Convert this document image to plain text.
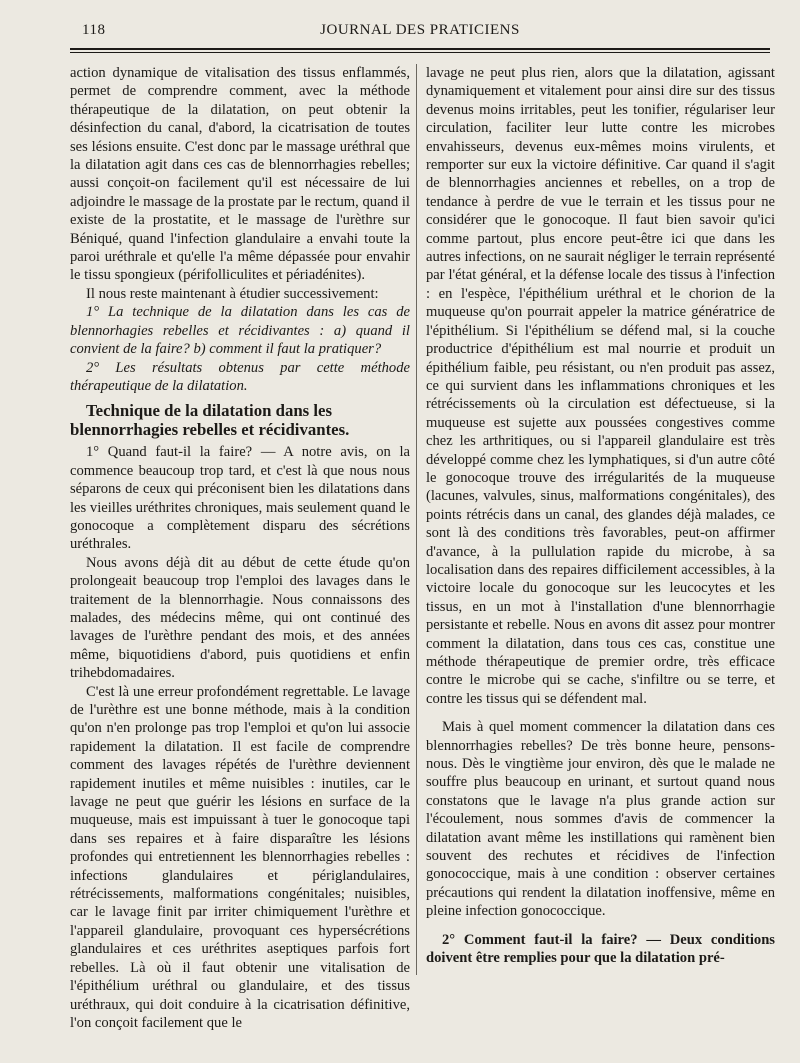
118	JOURNAL DES PRATICIENS

action dynamique de vitalisation des tissus enflammés, permet de comprendre comment, avec la méthode thérapeutique de la dilatation, on peut obtenir la désinfection du canal, d'abord, la cicatrisation de toutes ses lésions ensuite. C'est donc par le massage uréthral que la dilatation agit dans ces cas de blennorrhagies rebelles; aussi conçoit-on facilement qu'il est nécessaire de lui adjoindre le massage de la prostate par le rectum, quand il existe de la prostatite, et le massage de l'urèthre sur Béniqué, quand l'infection glandulaire a envahi toute la paroi uréthrale et qu'elle l'a même dépassée pour envahir le tissu spongieux (périfolliculites et périadénites).

Il nous reste maintenant à étudier successivement:

1° La technique de la dilatation dans les cas de blennorhagies rebelles et récidivantes : a) quand il convient de la faire? b) comment il faut la pratiquer?

2° Les résultats obtenus par cette méthode thérapeutique de la dilatation.

Technique de la dilatation dans les blennorrhagies rebelles et récidivantes.

1° Quand faut-il la faire? — A notre avis, on la commence beaucoup trop tard, et c'est là que nous nous séparons de ceux qui préconisent bien les dilatations dans les vieilles uréthrites chroniques, mais seulement quand le gonocoque a complètement disparu des sécrétions uréthrales.

Nous avons déjà dit au début de cette étude qu'on prolongeait beaucoup trop l'emploi des lavages dans le traitement de la blennorrhagie. Nous connaissons des malades, des médecins même, qui ont continué des lavages de l'urèthre pendant des mois, et des années même, biquotidiens d'abord, puis quotidiens et enfin trihebdomadaires.

C'est là une erreur profondément regrettable. Le lavage de l'urèthre est une bonne méthode, mais à la condition qu'on n'en prolonge pas trop l'emploi et qu'on lui associe rapidement la dilatation. Il est facile de comprendre comment des lavages répétés de l'urèthre deviennent rapidement inutiles et même nuisibles : inutiles, car le lavage ne peut que guérir les lésions en surface de la muqueuse, mais est impuissant à tuer le gonocoque tapi dans ses repaires et à faire disparaître les lésions profondes qui entretiennent les blennorrhagies rebelles : infections glandulaires et périglandulaires, rétrécissements, malformations congénitales; nuisibles, car le lavage finit par irriter chimiquement l'urèthre et l'appareil glandulaire, provoquant ces hypersécrétions glandulaires et ces uréthrites aseptiques parfois fort rebelles. Là où il faut obtenir une vitalisation de l'épithélium uréthral ou glandulaire, et des tissus uréthraux, qui doit conduire à la cicatrisation définitive, l'on conçoit facilement que le

lavage ne peut plus rien, alors que la dilatation, agissant dynamiquement et vitalement pour ainsi dire sur des tissus devenus moins irritables, peut les tonifier, régulariser leur circulation, faciliter leur lutte contre les microbes envahisseurs, devenus eux-mêmes moins virulents, et remporter sur eux la victoire définitive. Car quand il s'agit de blennorrhagies anciennes et rebelles, on a trop de tendance à perdre de vue le terrain et les tissus pour ne considérer que le gonocoque. Il faut bien savoir qu'ici comme partout, plus encore peut-être ici que dans les autres infections, on ne saurait négliger le terrain représenté par l'état général, et la défense locale des tissus à l'infection : en l'espèce, l'épithélium uréthral et le chorion de la muqueuse qu'on pourrait appeler la matrice génératrice de l'épithélium. Si l'épithélium se défend mal, si la couche productrice d'épithélium est mal nourrie et produit un épithélium faible, peu résistant, ou n'en produit pas assez, ce qui survient dans les inflammations chroniques et les rétrécissements où la circulation est défectueuse, si la muqueuse est sujette aux poussées congestives comme chez les arthritiques, ou si l'appareil glandulaire est très développé comme chez les lymphatiques, si d'un autre côté le gonocoque trouve des irrégularités de la muqueuse (lacunes, valvules, sinus, malformations congénitales), des points rétrécis dans un canal, des glandes déjà malades, ce sont là des conditions très favorables, peut-on affirmer d'avance, à la pullulation rapide du microbe, à sa localisation dans des repaires difficilement accessibles, à la victoire locale du gonocoque sur les leucocytes et les tissus, en un mot à l'installation d'une blennorrhagie persistante et rebelle. Nous en avons dit assez pour montrer comment la dilatation, dans tous ces cas, constitue une méthode thérapeutique de premier ordre, très efficace contre le microbe qui se cache, s'infiltre ou se terre, et contre les tissus qui se défendent mal.

Mais à quel moment commencer la dilatation dans ces blennorrhagies rebelles? De très bonne heure, pensons-nous. Dès le vingtième jour environ, dès que le malade ne souffre plus beaucoup en urinant, et surtout quand nous constatons que le lavage n'a plus grande action sur l'écoulement, nous sommes d'avis de commencer la dilatation avant même les instillations qui ramènent bien souvent des rechutes et récidives de l'infection gonococcique, mais à une condition : observer certaines précautions qui rendent la dilatation inoffensive, même en pleine infection gonococcique.

2° Comment faut-il la faire? — Deux conditions doivent être remplies pour que la dilatation pré-
